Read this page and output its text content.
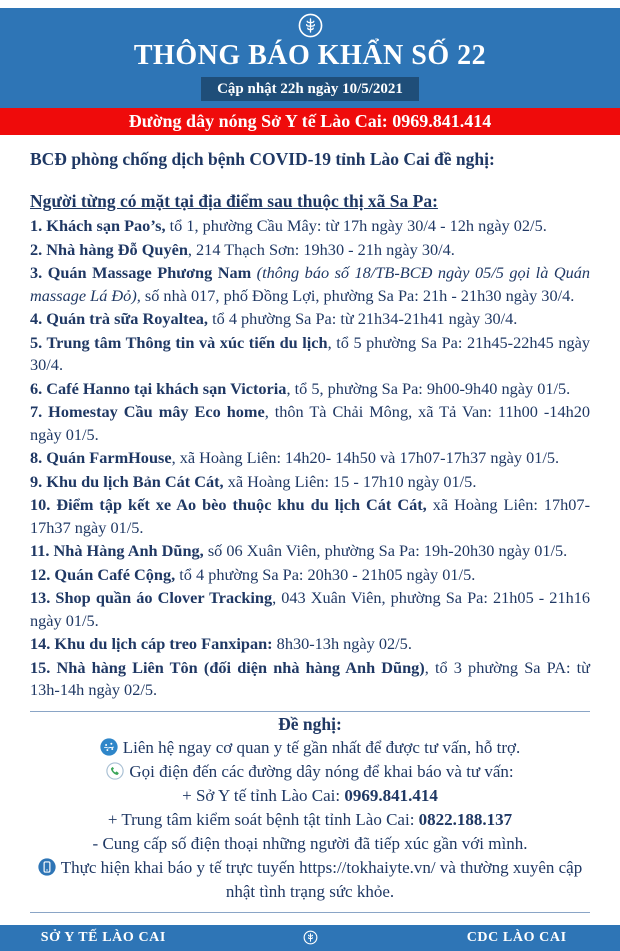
THÔNG BÁO KHẨN SỐ 22
Cập nhật 22h ngày 10/5/2021
Đường dây nóng Sở Y tế Lào Cai: 0969.841.414

BCĐ phòng chống dịch bệnh COVID-19 tỉnh Lào Cai đề nghị:

Người từng có mặt tại địa điểm sau thuộc thị xã Sa Pa:

1. Khách sạn Pao’s, tổ 1, phường Cầu Mây: từ 17h ngày 30/4 - 12h ngày 02/5.

2. Nhà hàng Đỗ Quyên, 214 Thạch Sơn: 19h30 - 21h ngày 30/4.

3. Quán Massage Phương Nam (thông báo số 18/TB-BCĐ ngày 05/5 gọi là Quán massage Lá Đỏ), số nhà 017, phố Đồng Lợi, phường Sa Pa: 21h - 21h30 ngày 30/4.

4. Quán trà sữa Royaltea, tổ 4 phường Sa Pa: từ 21h34-21h41 ngày 30/4.

5. Trung tâm Thông tin và xúc tiến du lịch, tổ 5 phường Sa Pa: 21h45-22h45 ngày 30/4.

6. Café Hanno tại khách sạn Victoria, tổ 5, phường Sa Pa: 9h00-9h40 ngày 01/5.

7. Homestay Cầu mây Eco home, thôn Tà Chải Mông, xã Tả Van: 11h00 -14h20 ngày 01/5.

8. Quán FarmHouse, xã Hoàng Liên: 14h20- 14h50 và 17h07-17h37 ngày 01/5.

9. Khu du lịch Bản Cát Cát, xã Hoàng Liên: 15 - 17h10 ngày 01/5.

10. Điểm tập kết xe Ao bèo thuộc khu du lịch Cát Cát, xã Hoàng Liên: 17h07-17h37 ngày 01/5.

11. Nhà Hàng Anh Dũng, số 06 Xuân Viên, phường Sa Pa: 19h-20h30 ngày 01/5.

12. Quán Café Cộng, tổ 4 phường Sa Pa: 20h30 - 21h05 ngày 01/5.

13. Shop quần áo Clover Tracking, 043 Xuân Viên, phường Sa Pa: 21h05 - 21h16 ngày 01/5.

14. Khu du lịch cáp treo Fanxipan: 8h30-13h ngày 02/5.

15. Nhà hàng Liên Tôn (đối diện nhà hàng Anh Dũng), tổ 3 phường Sa PA: từ 13h-14h ngày 02/5.

Đề nghị:

Liên hệ ngay cơ quan y tế gần nhất để được tư vấn, hỗ trợ.

Gọi điện đến các đường dây nóng để khai báo và tư vấn:

+ Sở Y tế tỉnh Lào Cai: 0969.841.414

+ Trung tâm kiểm soát bệnh tật tỉnh Lào Cai: 0822.188.137

- Cung cấp số điện thoại những người đã tiếp xúc gần với mình.

Thực hiện khai báo y tế trực tuyến https://tokhaiyte.vn/ và thường xuyên cập nhật tình trạng sức khỏe.

SỞ Y TẾ LÀO CAI	CDC LÀO CAI
